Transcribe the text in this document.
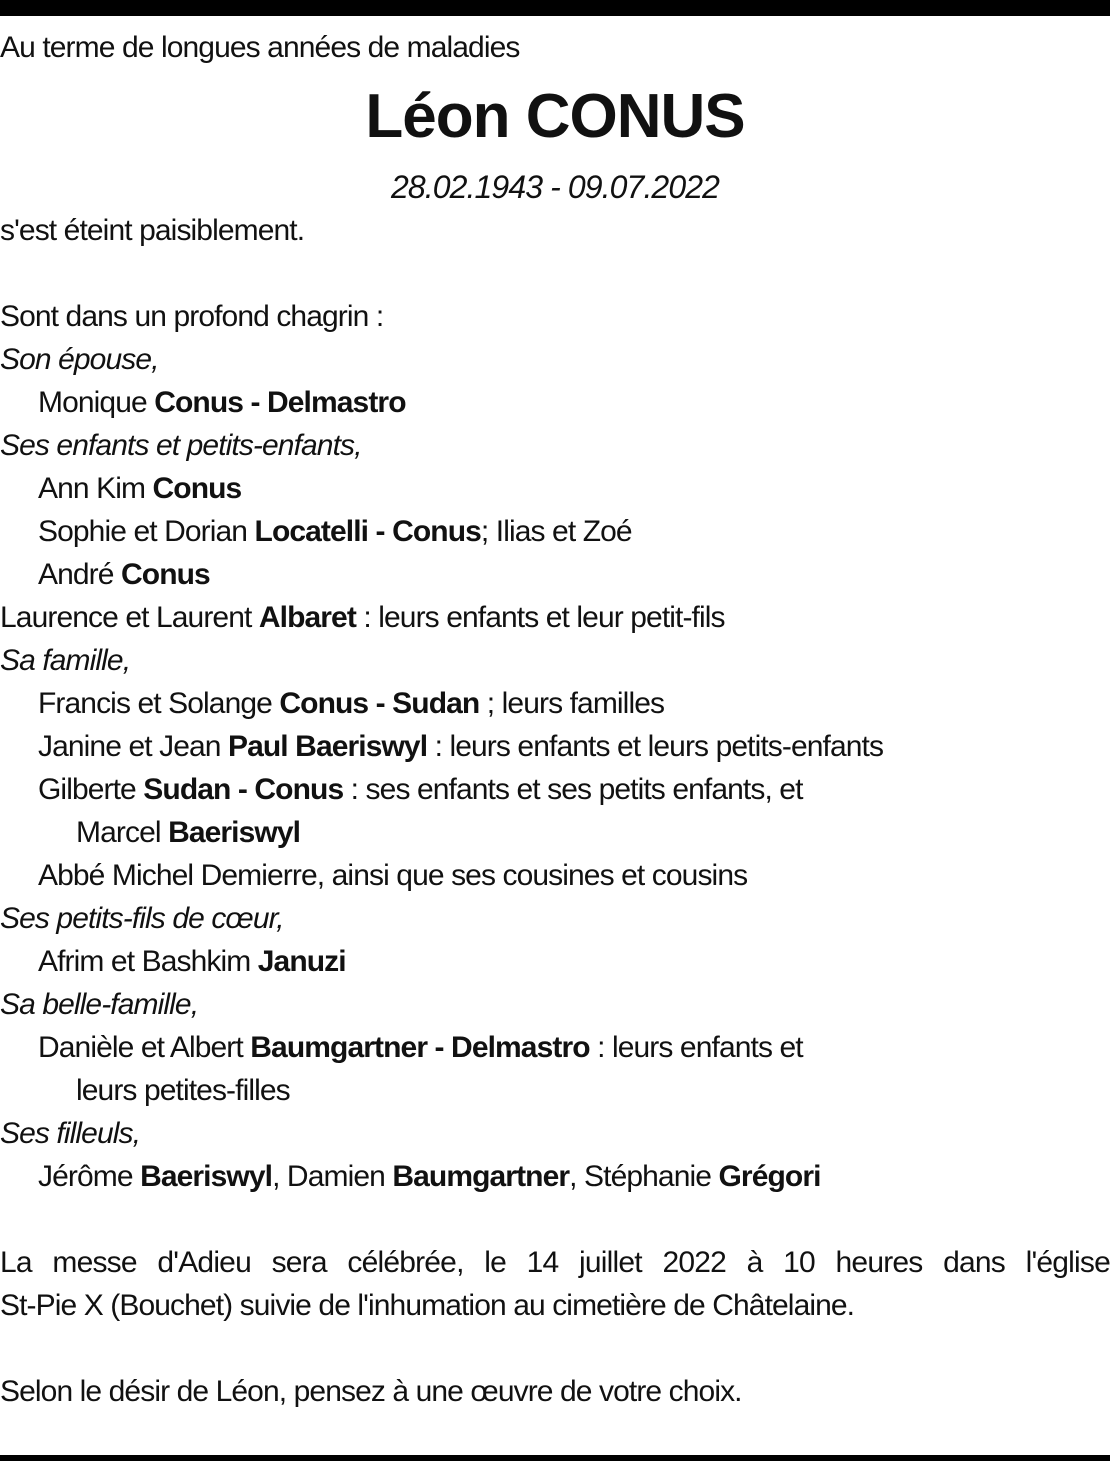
Au terme de longues années de maladies
Léon CONUS
28.02.1943 - 09.07.2022
s'est éteint paisiblement.
Sont dans un profond chagrin :
Son épouse,
Monique Conus - Delmastro
Ses enfants et petits-enfants,
Ann Kim Conus
Sophie et Dorian Locatelli - Conus; Ilias et Zoé
André Conus
Laurence et Laurent Albaret : leurs enfants et leur petit-fils
Sa famille,
Francis et Solange Conus - Sudan ; leurs familles
Janine et Jean Paul Baeriswyl : leurs enfants et leurs petits-enfants
Gilberte Sudan - Conus : ses enfants et ses petits enfants, et
Marcel Baeriswyl
Abbé Michel Demierre, ainsi que ses cousines et cousins
Ses petits-fils de cœur,
Afrim et Bashkim Januzi
Sa belle-famille,
Danièle et Albert Baumgartner - Delmastro : leurs enfants et
leurs petites-filles
Ses filleuls,
Jérôme Baeriswyl, Damien Baumgartner, Stéphanie Grégori
La messe d'Adieu sera célébrée, le 14 juillet 2022 à 10 heures dans l'église
St-Pie X (Bouchet) suivie de l'inhumation au cimetière de Châtelaine.
Selon le désir de Léon, pensez à une œuvre de votre choix.
